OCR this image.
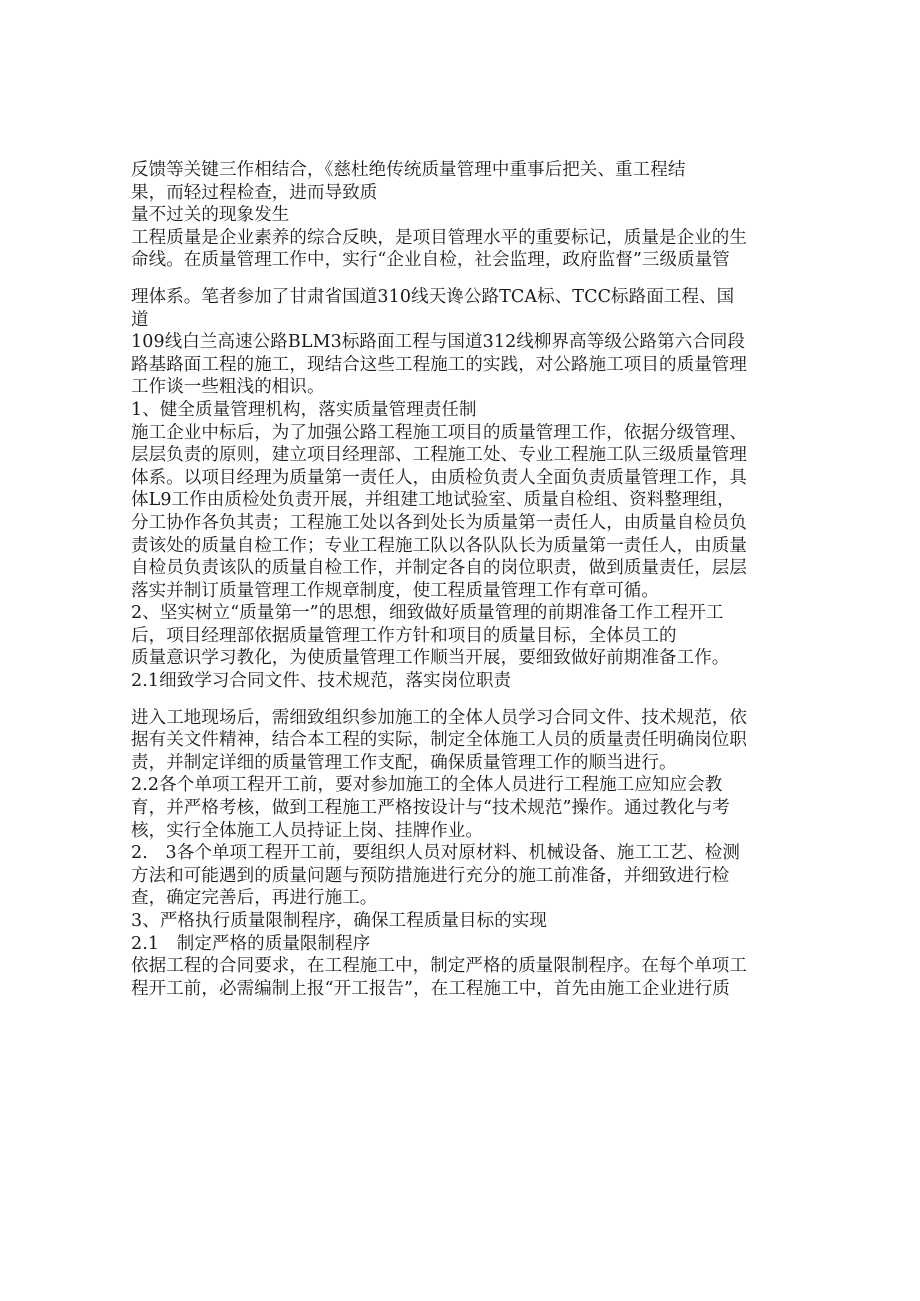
反馈等关键三作相结合，《慈杜绝传统质量管理中重事后把关、重工程结
果，而轻过程检查，进而导致质
量不过关的现象发生
工程质量是企业素养的综合反映，是项目管理水平的重要标记，质量是企业的生
命线。在质量管理工作中，实行“企业自检，社会监理，政府监督”三级质量管
理体系。笔者参加了甘肃省国道310线天谗公路TCA标、TCC标路面工程、国
道
109线白兰高速公路BLM3标路面工程与国道312线柳界高等级公路第六合同段
路基路面工程的施工，现结合这些工程施工的实践，对公路施工项目的质量管理
工作谈一些粗浅的相识。
1、健全质量管理机构，落实质量管理责任制
施工企业中标后，为了加强公路工程施工项目的质量管理工作，依据分级管理、
层层负责的原则，建立项目经理部、工程施工处、专业工程施工队三级质量管理
体系。以项目经理为质量第一责任人，由质检负责人全面负责质量管理工作，具
体L9工作由质检处负责开展，并组建工地试验室、质量自检组、资料整理组，
分工协作各负其责；工程施工处以各到处长为质量第一责任人，由质量自检员负
责该处的质量自检工作；专业工程施工队以各队队长为质量第一责任人，由质量
自检员负责该队的质量自检工作，并制定各自的岗位职责，做到质量责任，层层
落实并制订质量管理工作规章制度，使工程质量管理工作有章可循。
2、坚实树立“质量第一”的思想，细致做好质量管理的前期准备工作工程开工
后，项目经理部依据质量管理工作方针和项目的质量目标，全体员工的
质量意识学习教化，为使质量管理工作顺当开展，要细致做好前期准备工作。
2.1细致学习合同文件、技术规范，落实岗位职责
进入工地现场后，需细致组织参加施工的全体人员学习合同文件、技术规范，依
据有关文件精神，结合本工程的实际，制定全体施工人员的质量责任明确岗位职
责，并制定详细的质量管理工作支配，确保质量管理工作的顺当进行。
2.2各个单项工程开工前，要对参加施工的全体人员进行工程施工应知应会教
育，并严格考核，做到工程施工严格按设计与“技术规范”操作。通过教化与考
核，实行全体施工人员持证上岗、挂牌作业。
2.　3各个单项工程开工前，要组织人员对原材料、机械设备、施工工艺、检测
方法和可能遇到的质量问题与预防措施进行充分的施工前准备，并细致进行检
查，确定完善后，再进行施工。
3、严格执行质量限制程序，确保工程质量目标的实现
2.1　制定严格的质量限制程序
依据工程的合同要求，在工程施工中，制定严格的质量限制程序。在每个单项工
程开工前，必需编制上报“开工报告”，在工程施工中，首先由施工企业进行质
